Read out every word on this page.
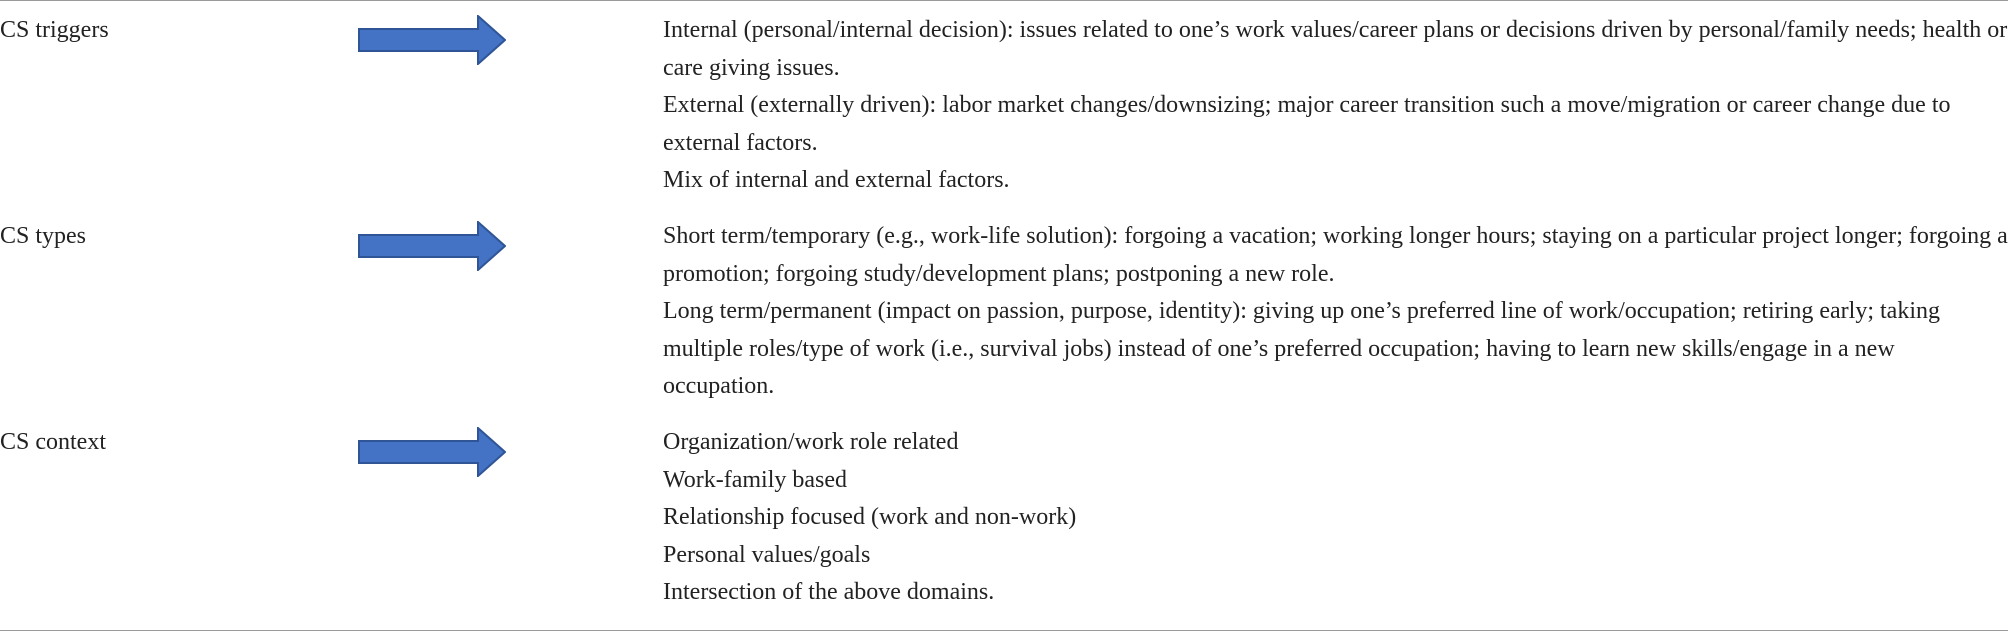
CS triggers	Internal (personal/internal decision): issues related to one’s work values/career plans or decisions driven by personal/family needs; health or care giving issues.

External (externally driven): labor market changes/downsizing; major career transition such a move/migration or career change due to external factors.

Mix of internal and external factors.

CS types	Short term/temporary (e.g., work-life solution): forgoing a vacation; working longer hours; staying on a particular project longer; forgoing a promotion; forgoing study/development plans; postponing a new role.

Long term/permanent (impact on passion, purpose, identity): giving up one’s preferred line of work/occupation; retiring early; taking multiple roles/type of work (i.e., survival jobs) instead of one’s preferred occupation; having to learn new skills/engage in a new occupation.

CS context	Organization/work role related

Work-family based

Relationship focused (work and non-work)

Personal values/goals

Intersection of the above domains.
